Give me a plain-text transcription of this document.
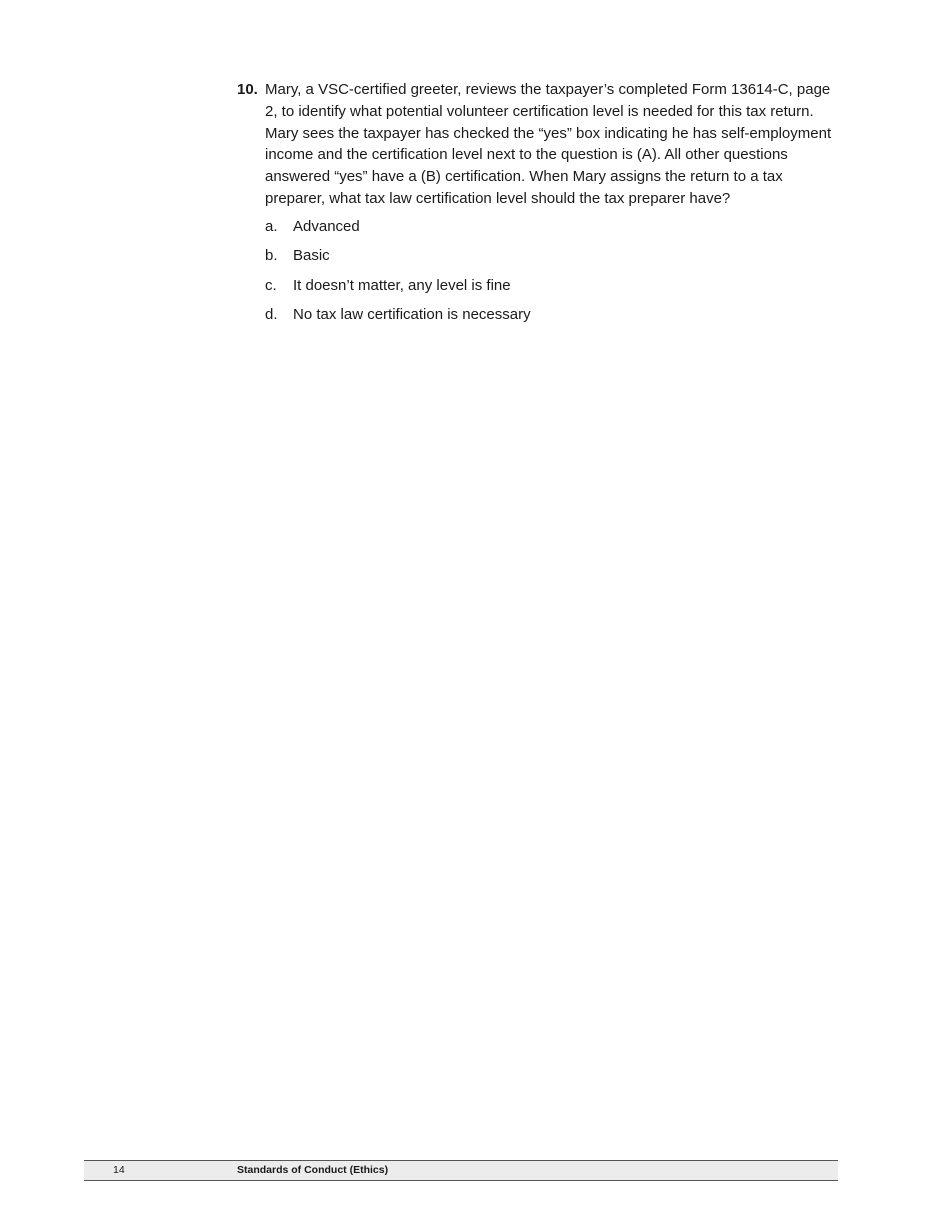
10. Mary, a VSC-certified greeter, reviews the taxpayer’s completed Form 13614-C, page 2, to identify what potential volunteer certification level is needed for this tax return. Mary sees the taxpayer has checked the “yes” box indicating he has self-employment income and the certification level next to the question is (A). All other questions answered “yes” have a (B) certification. When Mary assigns the return to a tax preparer, what tax law certification level should the tax preparer have?
a.	Advanced
b.	Basic
c.	It doesn’t matter, any level is fine
d.	No tax law certification is necessary
14	Standards of Conduct (Ethics)
